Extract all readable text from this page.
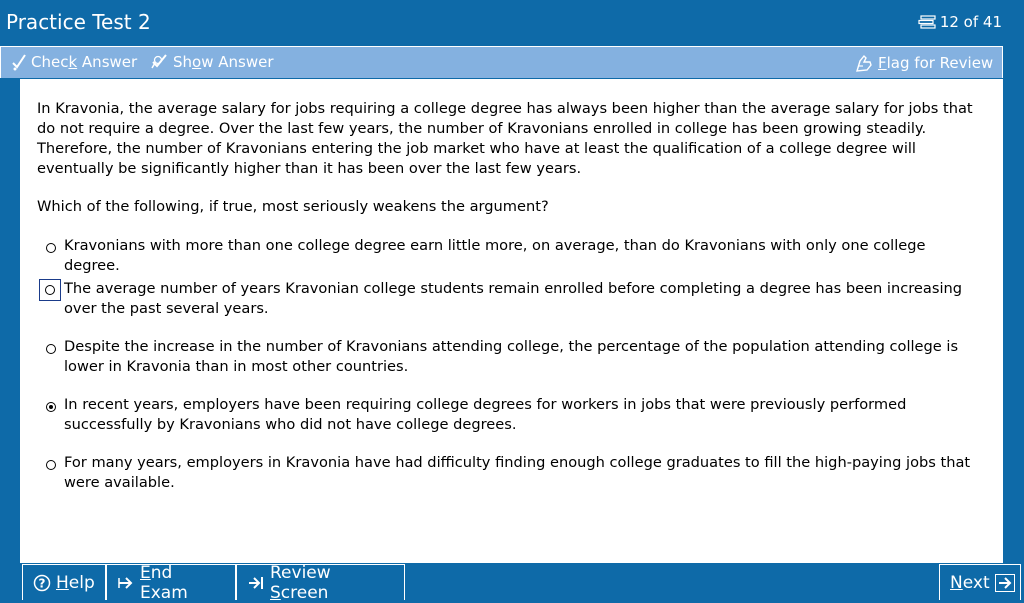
Practice Test 2	12 of 41
Check Answer Show Answer	Flag for Review

In Kravonia, the average salary for jobs requiring a college degree has always been higher than the average salary for jobs that do not require a degree. Over the last few years, the number of Kravonians enrolled in college has been growing steadily. Therefore, the number of Kravonians entering the job market who have at least the qualification of a college degree will eventually be significantly higher than it has been over the last few years.

Which of the following, if true, most seriously weakens the argument?

Kravonians with more than one college degree earn little more, on average, than do Kravonians with only one college degree.

The average number of years Kravonian college students remain enrolled before completing a degree has been increasing over the past several years.

Despite the increase in the number of Kravonians attending college, the percentage of the population attending college is lower in Kravonia than in most other countries.

In recent years, employers have been requiring college degrees for workers in jobs that were previously performed successfully by Kravonians who did not have college degrees.

For many years, employers in Kravonia have had difficulty finding enough college graduates to fill the high-paying jobs that were available.

? Help	End Exam
Review Screen	Next
